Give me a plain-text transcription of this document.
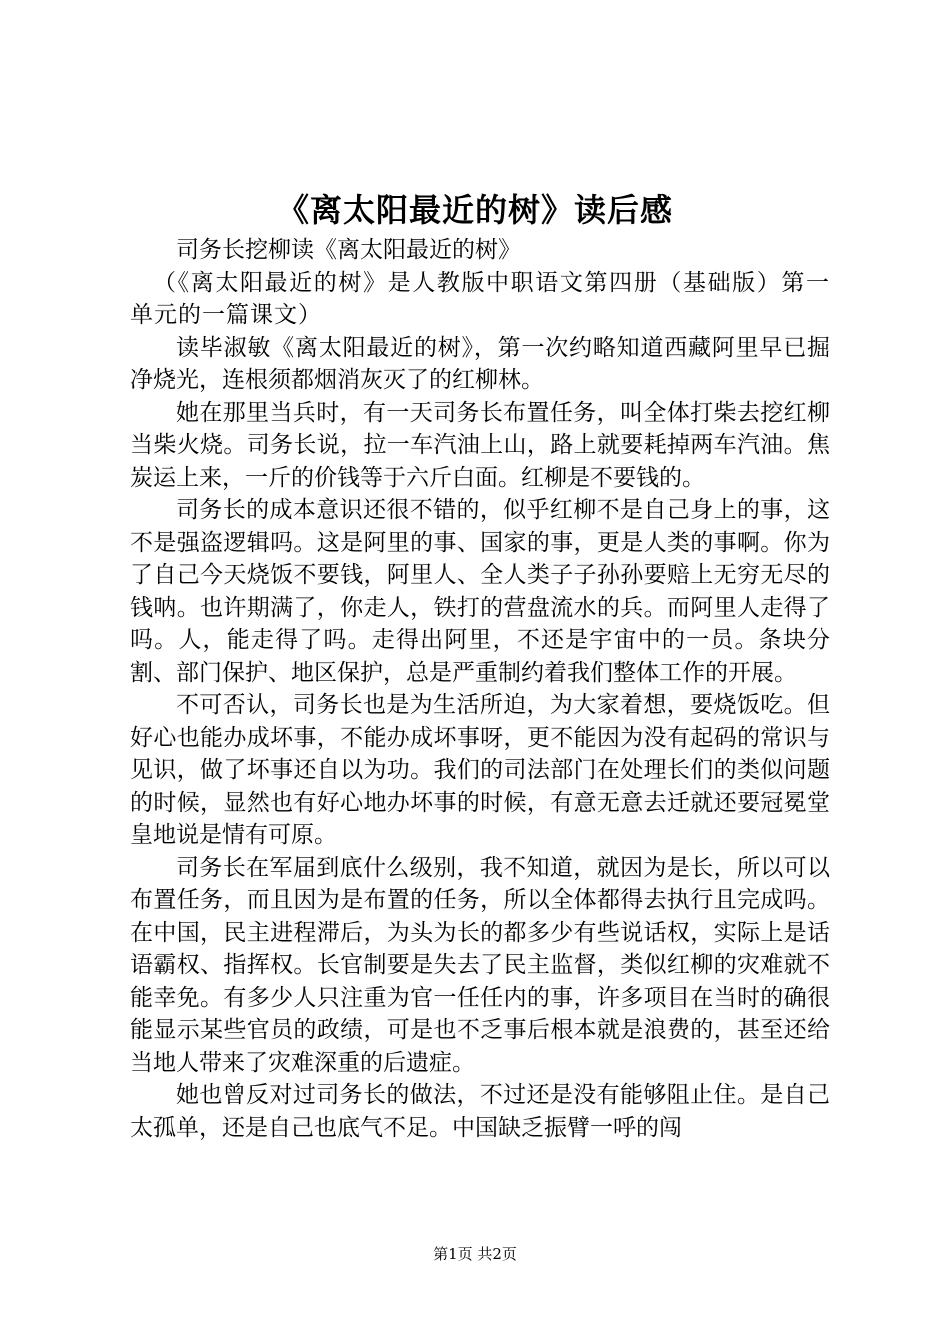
《离太阳最近的树》读后感

司务长挖柳读《离太阳最近的树》

（《离太阳最近的树》是人教版中职语文第四册（基础版）第一单元的一篇课文）

读毕淑敏《离太阳最近的树》，第一次约略知道西藏阿里早已掘净烧光，连根须都烟消灰灭了的红柳林。

她在那里当兵时，有一天司务长布置任务，叫全体打柴去挖红柳当柴火烧。司务长说，拉一车汽油上山，路上就要耗掉两车汽油。焦炭运上来，一斤的价钱等于六斤白面。红柳是不要钱的。

司务长的成本意识还很不错的，似乎红柳不是自己身上的事，这不是强盗逻辑吗。这是阿里的事、国家的事，更是人类的事啊。你为了自己今天烧饭不要钱，阿里人、全人类子子孙孙要赔上无穷无尽的钱呐。也许期满了，你走人，铁打的营盘流水的兵。而阿里人走得了吗。人，能走得了吗。走得出阿里，不还是宇宙中的一员。条块分割、部门保护、地区保护，总是严重制约着我们整体工作的开展。

不可否认，司务长也是为生活所迫，为大家着想，要烧饭吃。但好心也能办成坏事，不能办成坏事呀，更不能因为没有起码的常识与见识，做了坏事还自以为功。我们的司法部门在处理长们的类似问题的时候，显然也有好心地办坏事的时候，有意无意去迁就还要冠冕堂皇地说是情有可原。

司务长在军届到底什么级别，我不知道，就因为是长，所以可以布置任务，而且因为是布置的任务，所以全体都得去执行且完成吗。在中国，民主进程滞后，为头为长的都多少有些说话权，实际上是话语霸权、指挥权。长官制要是失去了民主监督，类似红柳的灾难就不能幸免。有多少人只注重为官一任任内的事，许多项目在当时的确很能显示某些官员的政绩，可是也不乏事后根本就是浪费的，甚至还给当地人带来了灾难深重的后遗症。

她也曾反对过司务长的做法，不过还是没有能够阻止住。是自己太孤单，还是自己也底气不足。中国缺乏振臂一呼的闯

第1页 共2页
